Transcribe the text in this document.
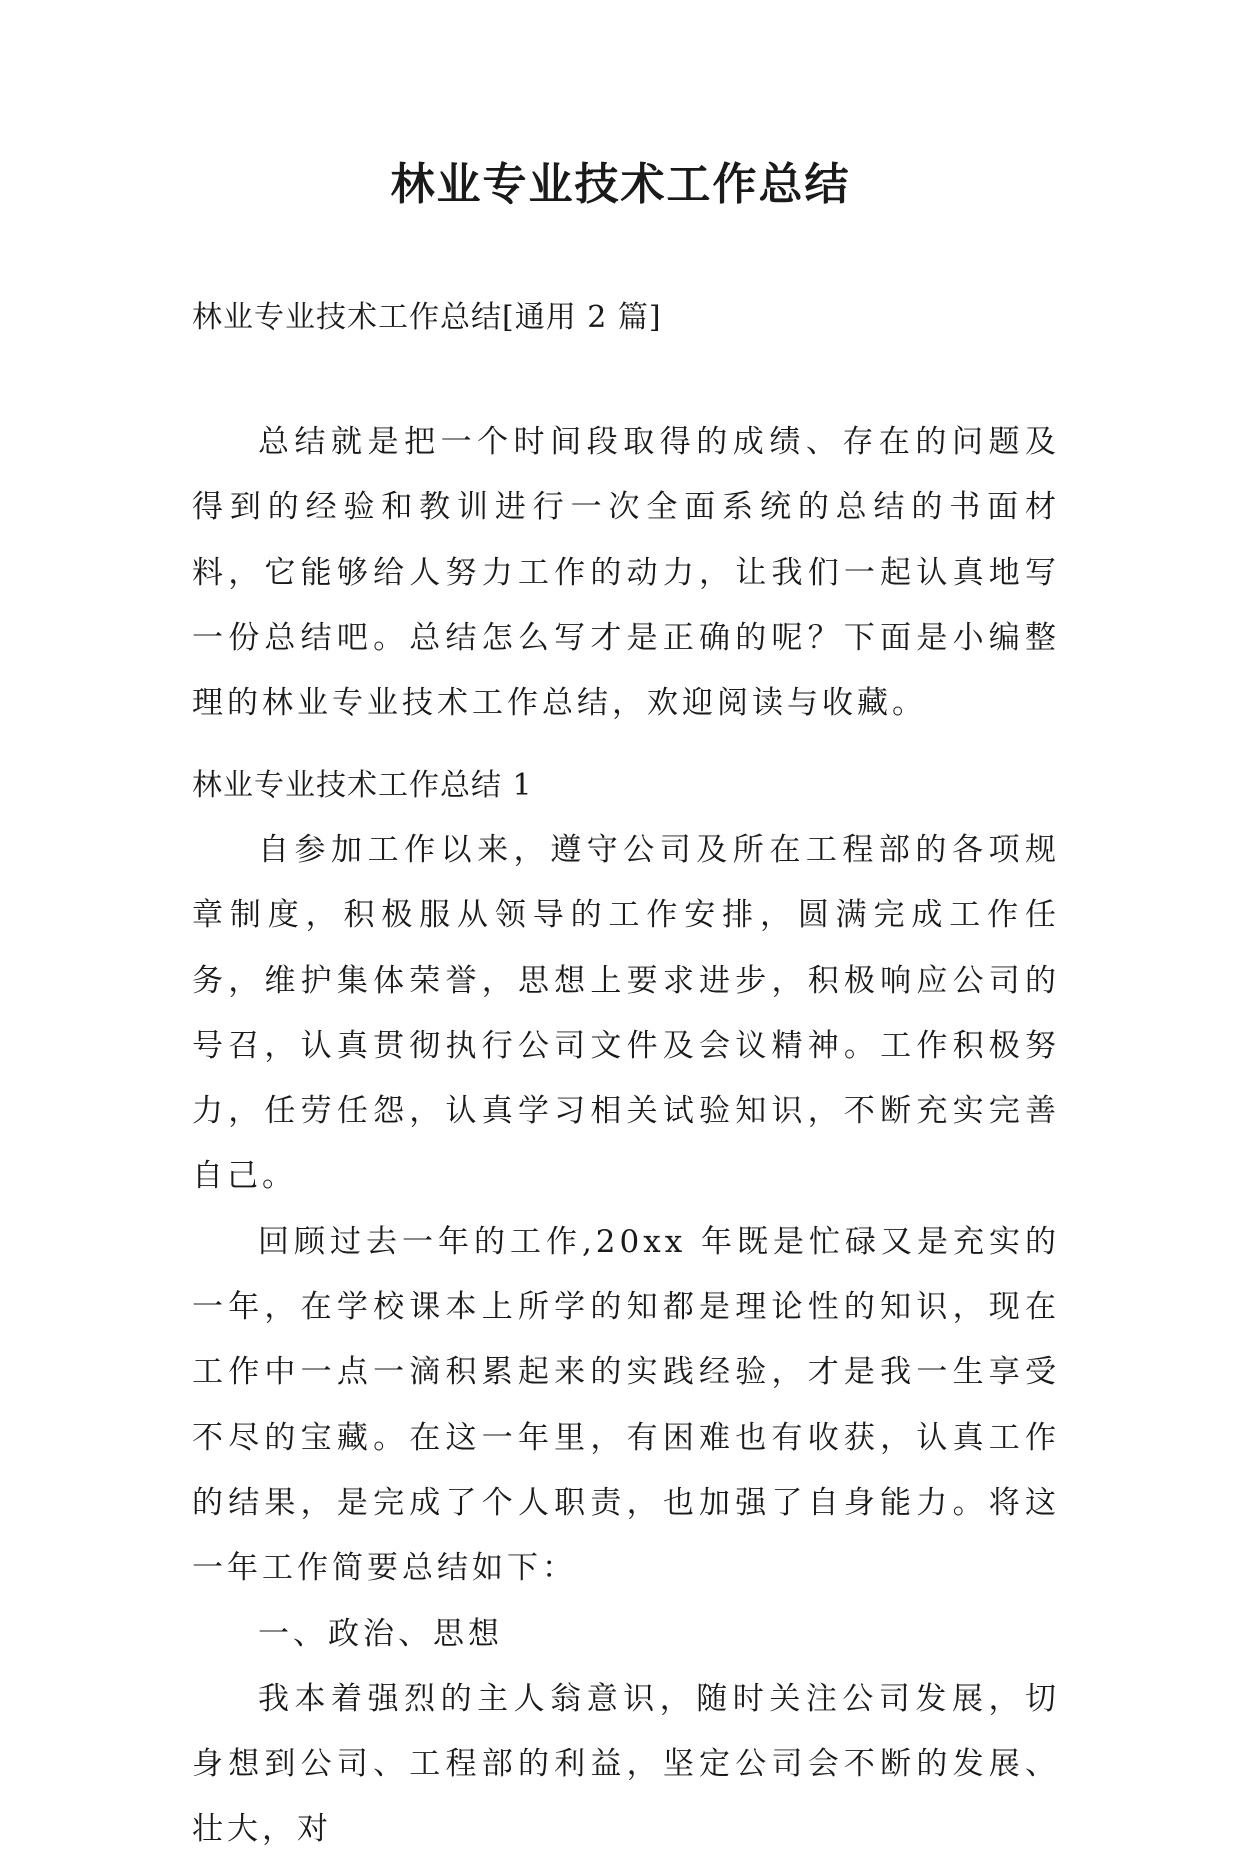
林业专业技术工作总结
林业专业技术工作总结[通用 2 篇]

总结就是把一个时间段取得的成绩、存在的问题及得到的经验和教训进行一次全面系统的总结的书面材料，它能够给人努力工作的动力，让我们一起认真地写一份总结吧。总结怎么写才是正确的呢？下面是小编整理的林业专业技术工作总结，欢迎阅读与收藏。

林业专业技术工作总结 1

自参加工作以来，遵守公司及所在工程部的各项规章制度，积极服从领导的工作安排，圆满完成工作任务，维护集体荣誉，思想上要求进步，积极响应公司的号召，认真贯彻执行公司文件及会议精神。工作积极努力，任劳任怨，认真学习相关试验知识，不断充实完善自己。

回顾过去一年的工作,20xx 年既是忙碌又是充实的一年，在学校课本上所学的知都是理论性的知识，现在工作中一点一滴积累起来的实践经验，才是我一生享受不尽的宝藏。在这一年里，有困难也有收获，认真工作的结果，是完成了个人职责，也加强了自身能力。将这一年工作简要总结如下：

一、政治、思想

我本着强烈的主人翁意识，随时关注公司发展，切身想到公司、工程部的利益，坚定公司会不断的发展、壮大，对
